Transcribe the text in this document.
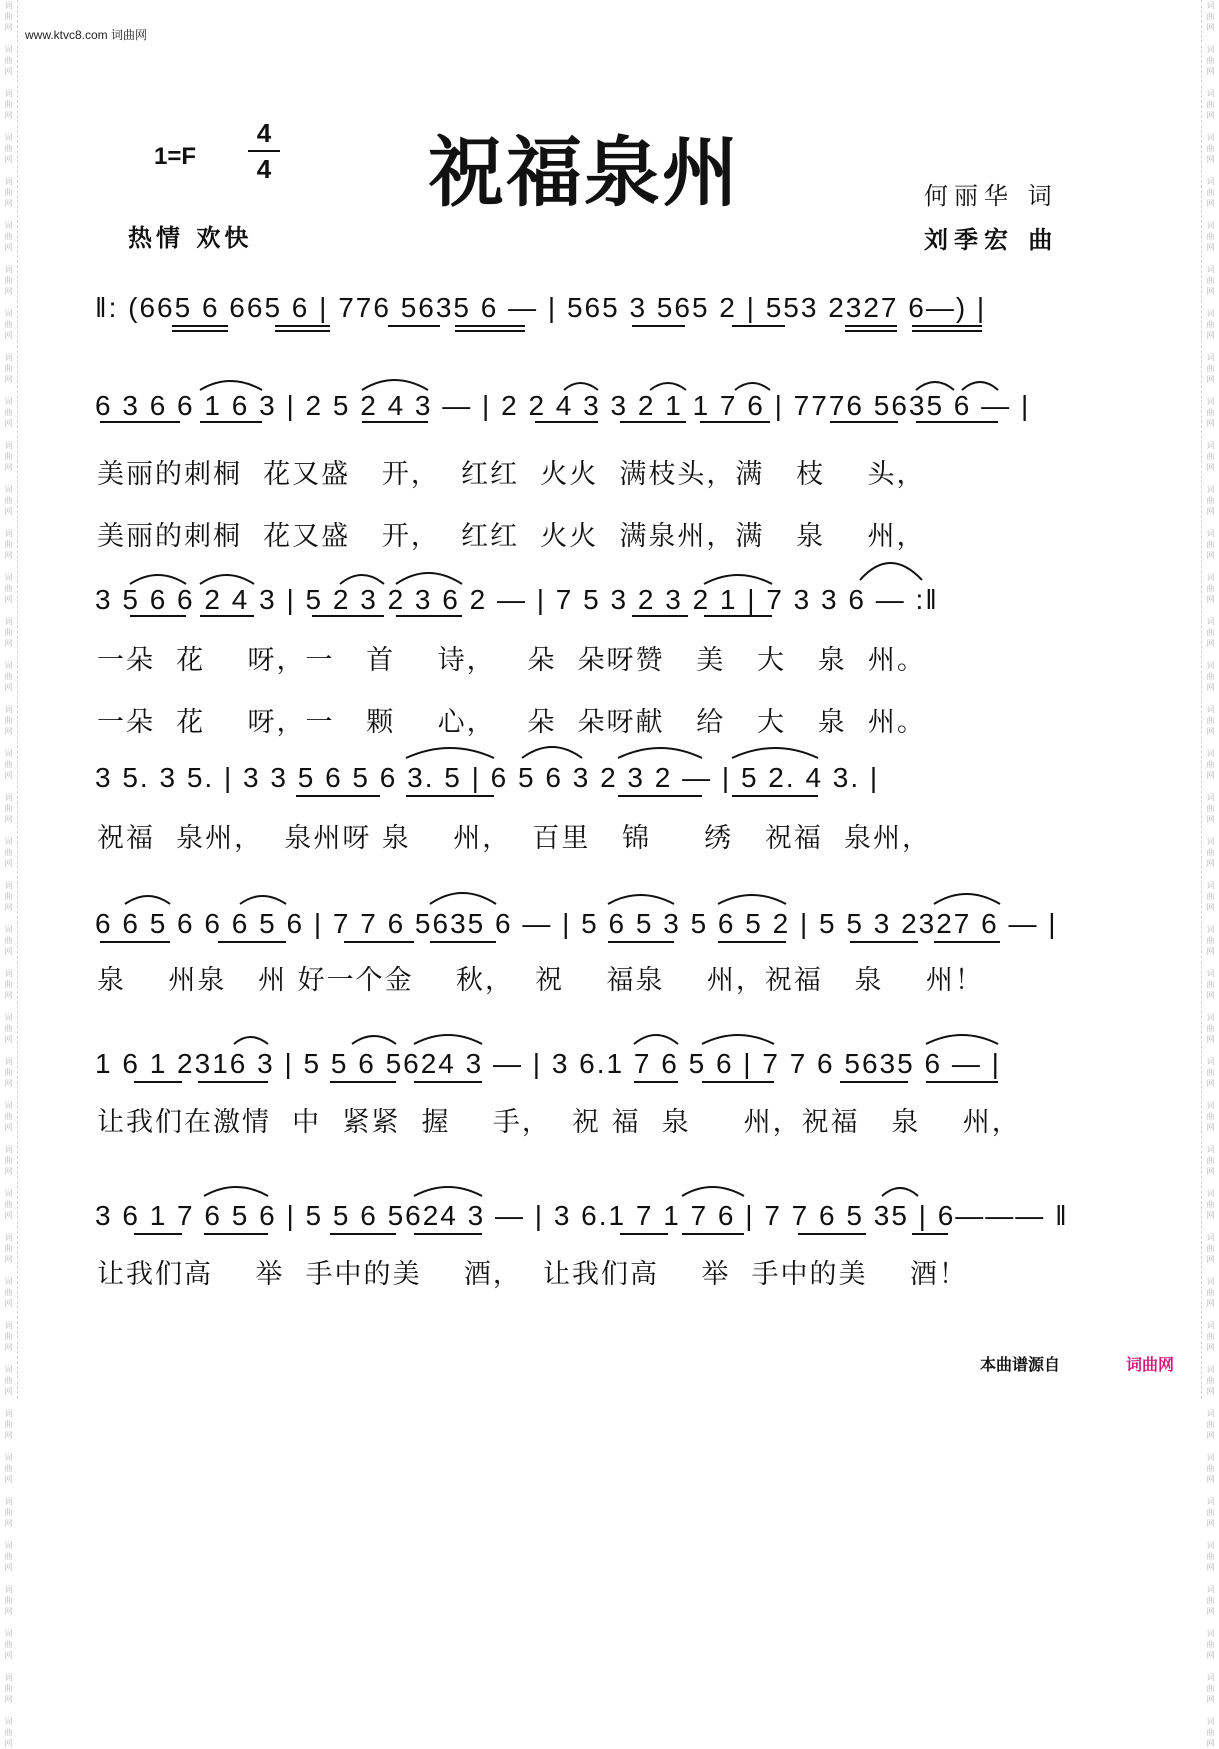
词
曲
网

词
曲
网

词
曲
网

词
曲
网

词
曲
网

词
曲
网

词
曲
网

词
曲
网

词
曲
网

词
曲
网

词
曲
网

词
曲
网

词
曲
网

词
曲
网

词
曲
网

词
曲
网

词
曲
网

词
曲
网

词
曲
网

词
曲
网

词
曲
网

词
曲
网

词
曲
网

词
曲
网

词
曲
网

词
曲
网

词
曲
网

词
曲
网

词
曲
网

词
曲
网

词
曲
网

词
曲
网

词
曲
网

词
曲
网

词
曲
网

词
曲
网

词
曲
网

词
曲
网

词
曲
网

词
曲
网
词
曲
网

词
曲
网

词
曲
网

词
曲
网

词
曲
网

词
曲
网

词
曲
网

词
曲
网

词
曲
网

词
曲
网

词
曲
网

词
曲
网

词
曲
网

词
曲
网

词
曲
网

词
曲
网

词
曲
网

词
曲
网

词
曲
网

词
曲
网

词
曲
网

词
曲
网

词
曲
网

词
曲
网

词
曲
网

词
曲
网

词
曲
网

词
曲
网

词
曲
网

词
曲
网

词
曲
网

词
曲
网

词
曲
网

词
曲
网

词
曲
网

词
曲
网

词
曲
网

词
曲
网

词
曲
网

词
曲
网
www.ktvc8.com 词曲网
1=F
4
4 祝福泉州
热情 欢快
何丽华 词
刘季宏 曲
‖: (665 6 665 6 | 776 5635 6 — | 565 3 565 2 | 553 2327 6—) |
6 3 6 6 1 6 3 | 2 5 2 4 3 — | 2 2 4 3 3 2 1 1 7 6 | 7776 5635 6 — |
美丽的刺桐  花又盛   开，  红红  火火  满枝头，满   枝    头，
美丽的刺桐  花又盛   开，  红红  火火  满泉州，满   泉    州，
3 5 6 6 2 4 3 | 5 2 3 2 3 6 2 — | 7 5 3 2 3 2 1 | 7 3 3 6 — :‖
一朵  花    呀，一   首    诗，   朵  朵呀赞   美   大   泉  州。
一朵  花    呀，一   颗    心，   朵  朵呀献   给   大   泉  州。
3 5. 3 5. | 3 3 5 6 5 6 3. 5 | 6 5 6 3 2 3 2 — | 5 2. 4 3. |
祝福  泉州，  泉州呀 泉    州，  百里   锦     绣   祝福  泉州，
6 6 5 6 6 6 5 6 | 7 7 6 5635 6 — | 5 6 5 3 5 6 5 2 | 5 5 3 2327 6 — |
泉    州泉   州 好一个金    秋，  祝    福泉    州，祝福   泉    州！
1 6 1 2316 3 | 5 5 6 5624 3 — | 3 6.1 7 6 5 6 | 7 7 6 5635 6 — |
让我们在激情  中  紧紧  握    手，  祝 福  泉     州，祝福   泉    州，
3 6 1 7 6 5 6 | 5 5 6 5624 3 — | 3 6.1 7 1 7 6 | 7 7 6 5 35 | 6——— ‖
让我们高    举  手中的美    酒，  让我们高    举  手中的美    酒！
本曲谱源自	词曲网
